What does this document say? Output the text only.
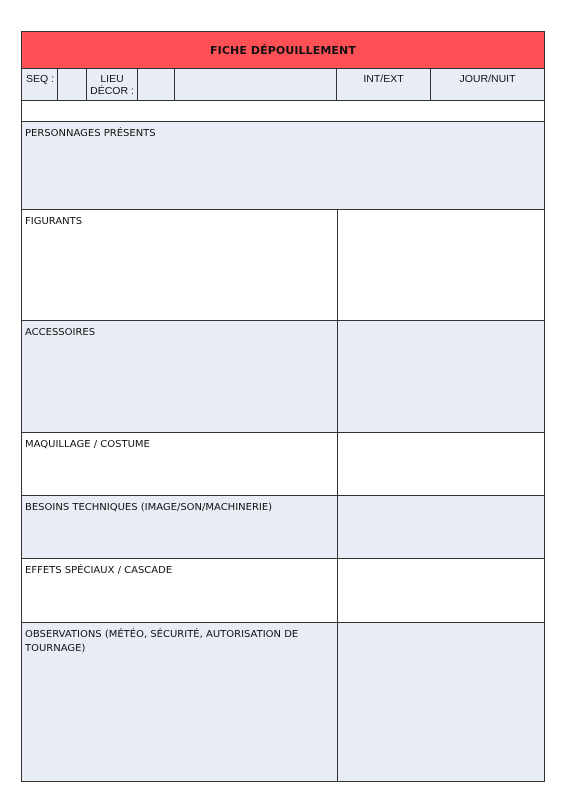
FICHE DÉPOUILLEMENT
SEQ :	LIEU DÉCOR :
INT/EXT	JOUR/NUIT
PERSONNAGES PRÉSENTS
FIGURANTS
ACCESSOIRES
MAQUILLAGE / COSTUME
BESOINS TECHNIQUES (IMAGE/SON/MACHINERIE)
EFFETS SPÉCIAUX / CASCADE
OBSERVATIONS (MÉTÉO, SÉCURITÉ, AUTORISATION DE TOURNAGE)
